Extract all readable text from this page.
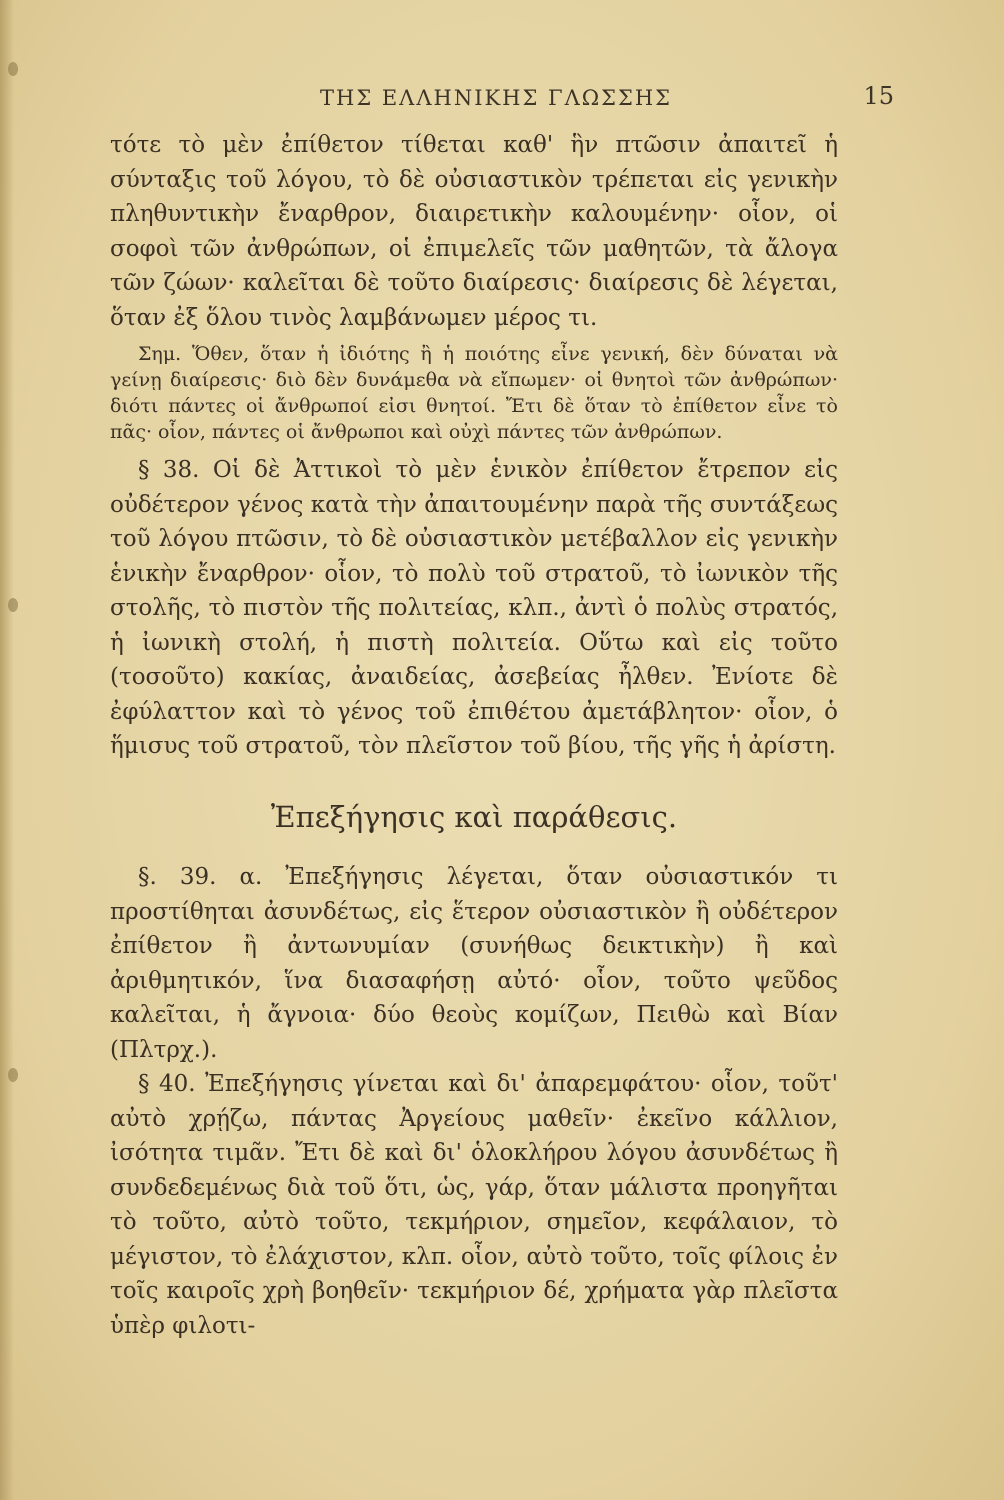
ΤΗΣ ΕΛΛΗΝΙΚΗΣ ΓΛΩΣΣΗΣ	15

τότε τὸ μὲν ἐπίθετον τίθεται καθ' ἣν πτῶσιν ἀπαιτεῖ ἡ σύνταξις τοῦ λόγου, τὸ δὲ οὐσιαστικὸν τρέπεται εἰς γενικὴν πληθυντικὴν ἔναρθρον, διαιρετικὴν καλουμένην· οἷον, οἱ σοφοὶ τῶν ἀνθρώπων, οἱ ἐπιμελεῖς τῶν μαθητῶν, τὰ ἄλογα τῶν ζώων· καλεῖται δὲ τοῦτο διαίρεσις· διαίρεσις δὲ λέγεται, ὅταν ἐξ ὅλου τινὸς λαμβάνωμεν μέρος τι.

Σημ. Ὅθεν, ὅταν ἡ ἰδιότης ἢ ἡ ποιότης εἶνε γενική, δὲν δύναται νὰ γείνῃ διαίρεσις· διὸ δὲν δυνάμεθα νὰ εἴπωμεν· οἱ θνητοὶ τῶν ἀνθρώπων· διότι πάντες οἱ ἄνθρωποί εἰσι θνητοί. Ἔτι δὲ ὅταν τὸ ἐπίθετον εἶνε τὸ πᾶς· οἷον, πάντες οἱ ἄνθρωποι καὶ οὐχὶ πάντες τῶν ἀνθρώπων.

§ 38. Οἱ δὲ Ἀττικοὶ τὸ μὲν ἑνικὸν ἐπίθετον ἔτρεπον εἰς οὐδέτερον γένος κατὰ τὴν ἀπαιτουμένην παρὰ τῆς συντάξεως τοῦ λόγου πτῶσιν, τὸ δὲ οὐσιαστικὸν μετέβαλλον εἰς γενικὴν ἑνικὴν ἔναρθρον· οἷον, τὸ πολὺ τοῦ στρατοῦ, τὸ ἰωνικὸν τῆς στολῆς, τὸ πιστὸν τῆς πολιτείας, κλπ., ἀντὶ ὁ πολὺς στρατός, ἡ ἰωνικὴ στολή, ἡ πιστὴ πολιτεία. Οὕτω καὶ εἰς τοῦτο (τοσοῦτο) κακίας, ἀναιδείας, ἀσεβείας ἦλθεν. Ἐνίοτε δὲ ἐφύλαττον καὶ τὸ γένος τοῦ ἐπιθέτου ἀμετάβλητον· οἷον, ὁ ἥμισυς τοῦ στρατοῦ, τὸν πλεῖστον τοῦ βίου, τῆς γῆς ἡ ἀρίστη.

Ἐπεξήγησις καὶ παράθεσις.

§. 39. α. Ἐπεξήγησις λέγεται, ὅταν οὐσιαστικόν τι προστίθηται ἀσυνδέτως, εἰς ἕτερον οὐσιαστικὸν ἢ οὐδέτερον ἐπίθετον ἢ ἀντωνυμίαν (συνήθως δεικτικὴν) ἢ καὶ ἀριθμητικόν, ἵνα διασαφήσῃ αὐτό· οἷον, τοῦτο ψεῦδος καλεῖται, ἡ ἄγνοια· δύο θεοὺς κομίζων, Πειθὼ καὶ Βίαν (Πλτρχ.).

§ 40. Ἐπεξήγησις γίνεται καὶ δι' ἀπαρεμφάτου· οἷον, τοῦτ' αὐτὸ χρῄζω, πάντας Ἀργείους μαθεῖν· ἐκεῖνο κάλλιον, ἰσότητα τιμᾶν. Ἔτι δὲ καὶ δι' ὁλοκλήρου λόγου ἀσυνδέτως ἢ συνδεδεμένως διὰ τοῦ ὅτι, ὡς, γάρ, ὅταν μάλιστα προηγῆται τὸ τοῦτο, αὐτὸ τοῦτο, τεκμήριον, σημεῖον, κεφάλαιον, τὸ μέγιστον, τὸ ἐλάχιστον, κλπ. οἷον, αὐτὸ τοῦτο, τοῖς φίλοις ἐν τοῖς καιροῖς χρὴ βοηθεῖν· τεκμήριον δέ, χρήματα γὰρ πλεῖστα ὑπὲρ φιλοτι-
